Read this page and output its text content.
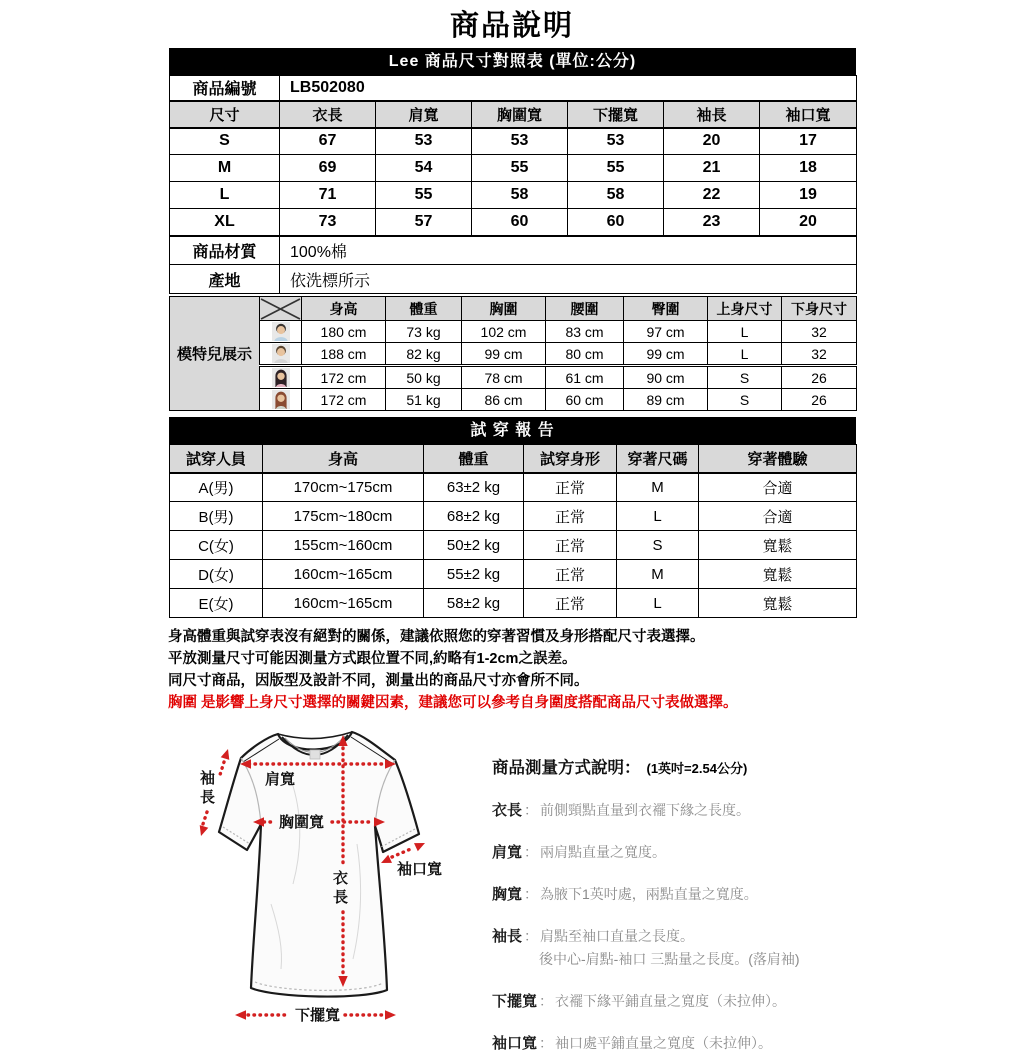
商品說明
Lee 商品尺寸對照表 (單位:公分)
商品編號	LB502080					
尺寸	衣長	肩寬	胸圍寬	下擺寬	袖長	袖口寬
S	67	53	53	53	20	17
M	69	54	55	55	21	18
L	71	55	58	58	22	19
XL	73	57	60	60	23	20
商品材質	100%棉					
產地	依洗標所示					
模特兒展示		身高	體重	胸圍	腰圍	臀圍	上身尺寸	下身尺寸
	180 cm	73 kg	102 cm	83 cm	97 cm	L	32
	188 cm	82 kg	99 cm	80 cm	99 cm	L	32
	172 cm	50 kg	78 cm	61 cm	90 cm	S	26
	172 cm	51 kg	86 cm	60 cm	89 cm	S	26
試 穿 報 告
試穿人員	身高	體重	試穿身形	穿著尺碼	穿著體驗
A(男)	170cm~175cm	63±2 kg	正常	M	合適
B(男)	175cm~180cm	68±2 kg	正常	L	合適
C(女)	155cm~160cm	50±2 kg	正常	S	寬鬆
D(女)	160cm~165cm	55±2 kg	正常	M	寬鬆
E(女)	160cm~165cm	58±2 kg	正常	L	寬鬆
身高體重與試穿表沒有絕對的關係，建議依照您的穿著習慣及身形搭配尺寸表選擇。
平放測量尺寸可能因測量方式跟位置不同,約略有1-2cm之誤差。
同尺寸商品，因版型及設計不同，測量出的商品尺寸亦會所不同。
胸圍 是影響上身尺寸選擇的關鍵因素，建議您可以參考自身圍度搭配商品尺寸表做選擇。
袖長	肩寬
胸圍寬
衣長
袖口寬
下擺寬
商品測量方式說明： (1英吋=2.54公分)
衣長 ： 前側頸點直量到衣襬下緣之長度。
肩寬 ： 兩肩點直量之寬度。
胸寬 ： 為腋下1英吋處，兩點直量之寬度。
袖長 ： 肩點至袖口直量之長度。
後中心-肩點-袖口 三點量之長度。(落肩袖)
下擺寬 ： 衣襬下緣平鋪直量之寬度（未拉伸）。
袖口寬 ： 袖口處平鋪直量之寬度（未拉伸）。
